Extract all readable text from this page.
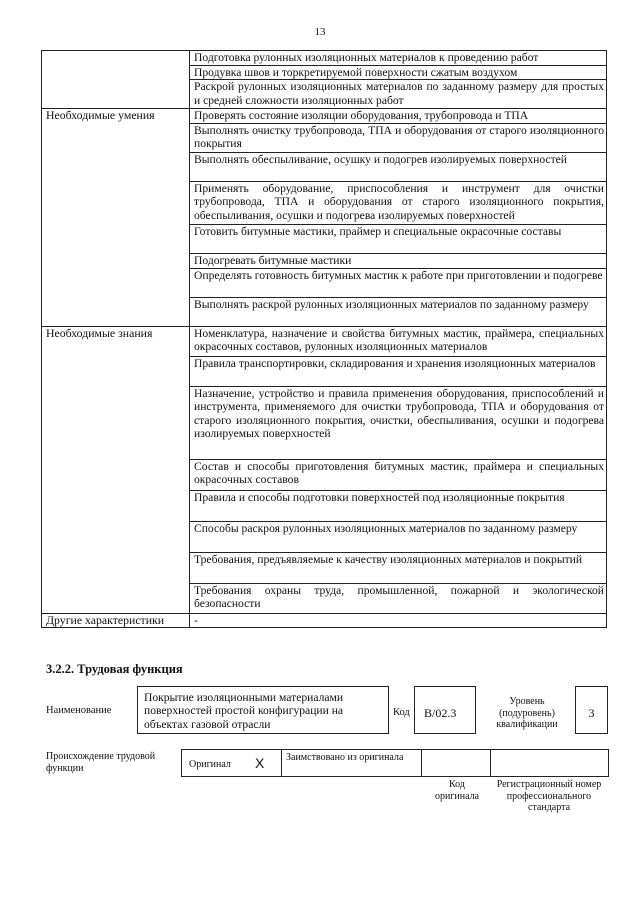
13
	Подготовка рулонных изоляционных материалов к проведению работ
	Продувка швов и торкретируемой поверхности сжатым воздухом
	Раскрой рулонных изоляционных материалов по заданному размеру для простых и средней сложности изоляционных работ
Необходимые умения	Проверять состояние изоляции оборудования, трубопровода и ТПА
	Выполнять очистку трубопровода, ТПА и оборудования от старого изоляционного покрытия
	Выполнять обеспыливание, осушку и подогрев изолируемых поверхностей
	Применять оборудование, приспособления и инструмент для очистки трубопровода, ТПА и оборудования от старого изоляционного покрытия, обеспыливания, осушки и подогрева изолируемых поверхностей
	Готовить битумные мастики, праймер и специальные окрасочные составы
	Подогревать битумные мастики
	Определять готовность битумных мастик к работе при приготовлении и подогреве
	Выполнять раскрой рулонных изоляционных материалов по заданному размеру
Необходимые знания	Номенклатура, назначение и свойства битумных мастик, праймера, специальных окрасочных составов, рулонных изоляционных материалов
	Правила транспортировки, складирования и хранения изоляционных материалов
	Назначение, устройство и правила применения оборудования, приспособлений и инструмента, применяемого для очистки трубопровода, ТПА и оборудования от старого изоляционного покрытия, очистки, обеспыливания, осушки и подогрева изолируемых поверхностей
	Состав и способы приготовления битумных мастик, праймера и специальных окрасочных составов
	Правила и способы подготовки поверхностей под изоляционные покрытия
	Способы раскроя рулонных изоляционных материалов по заданному размеру
	Требования, предъявляемые к качеству изоляционных материалов и покрытий
	Требования охраны труда, промышленной, пожарной и экологической безопасности
Другие характеристики	-
3.2.2. Трудовая функция
Наименование
Покрытие изоляционными материалами поверхностей простой конфигурации на объектах газовой отрасли
Код	B/02.3
Уровень (подуровень) квалификации
3
Происхождение трудовой функции	Оригинал X Заимствовано из оригинала
Код оригинала
Регистрационный номер профессионального стандарта
